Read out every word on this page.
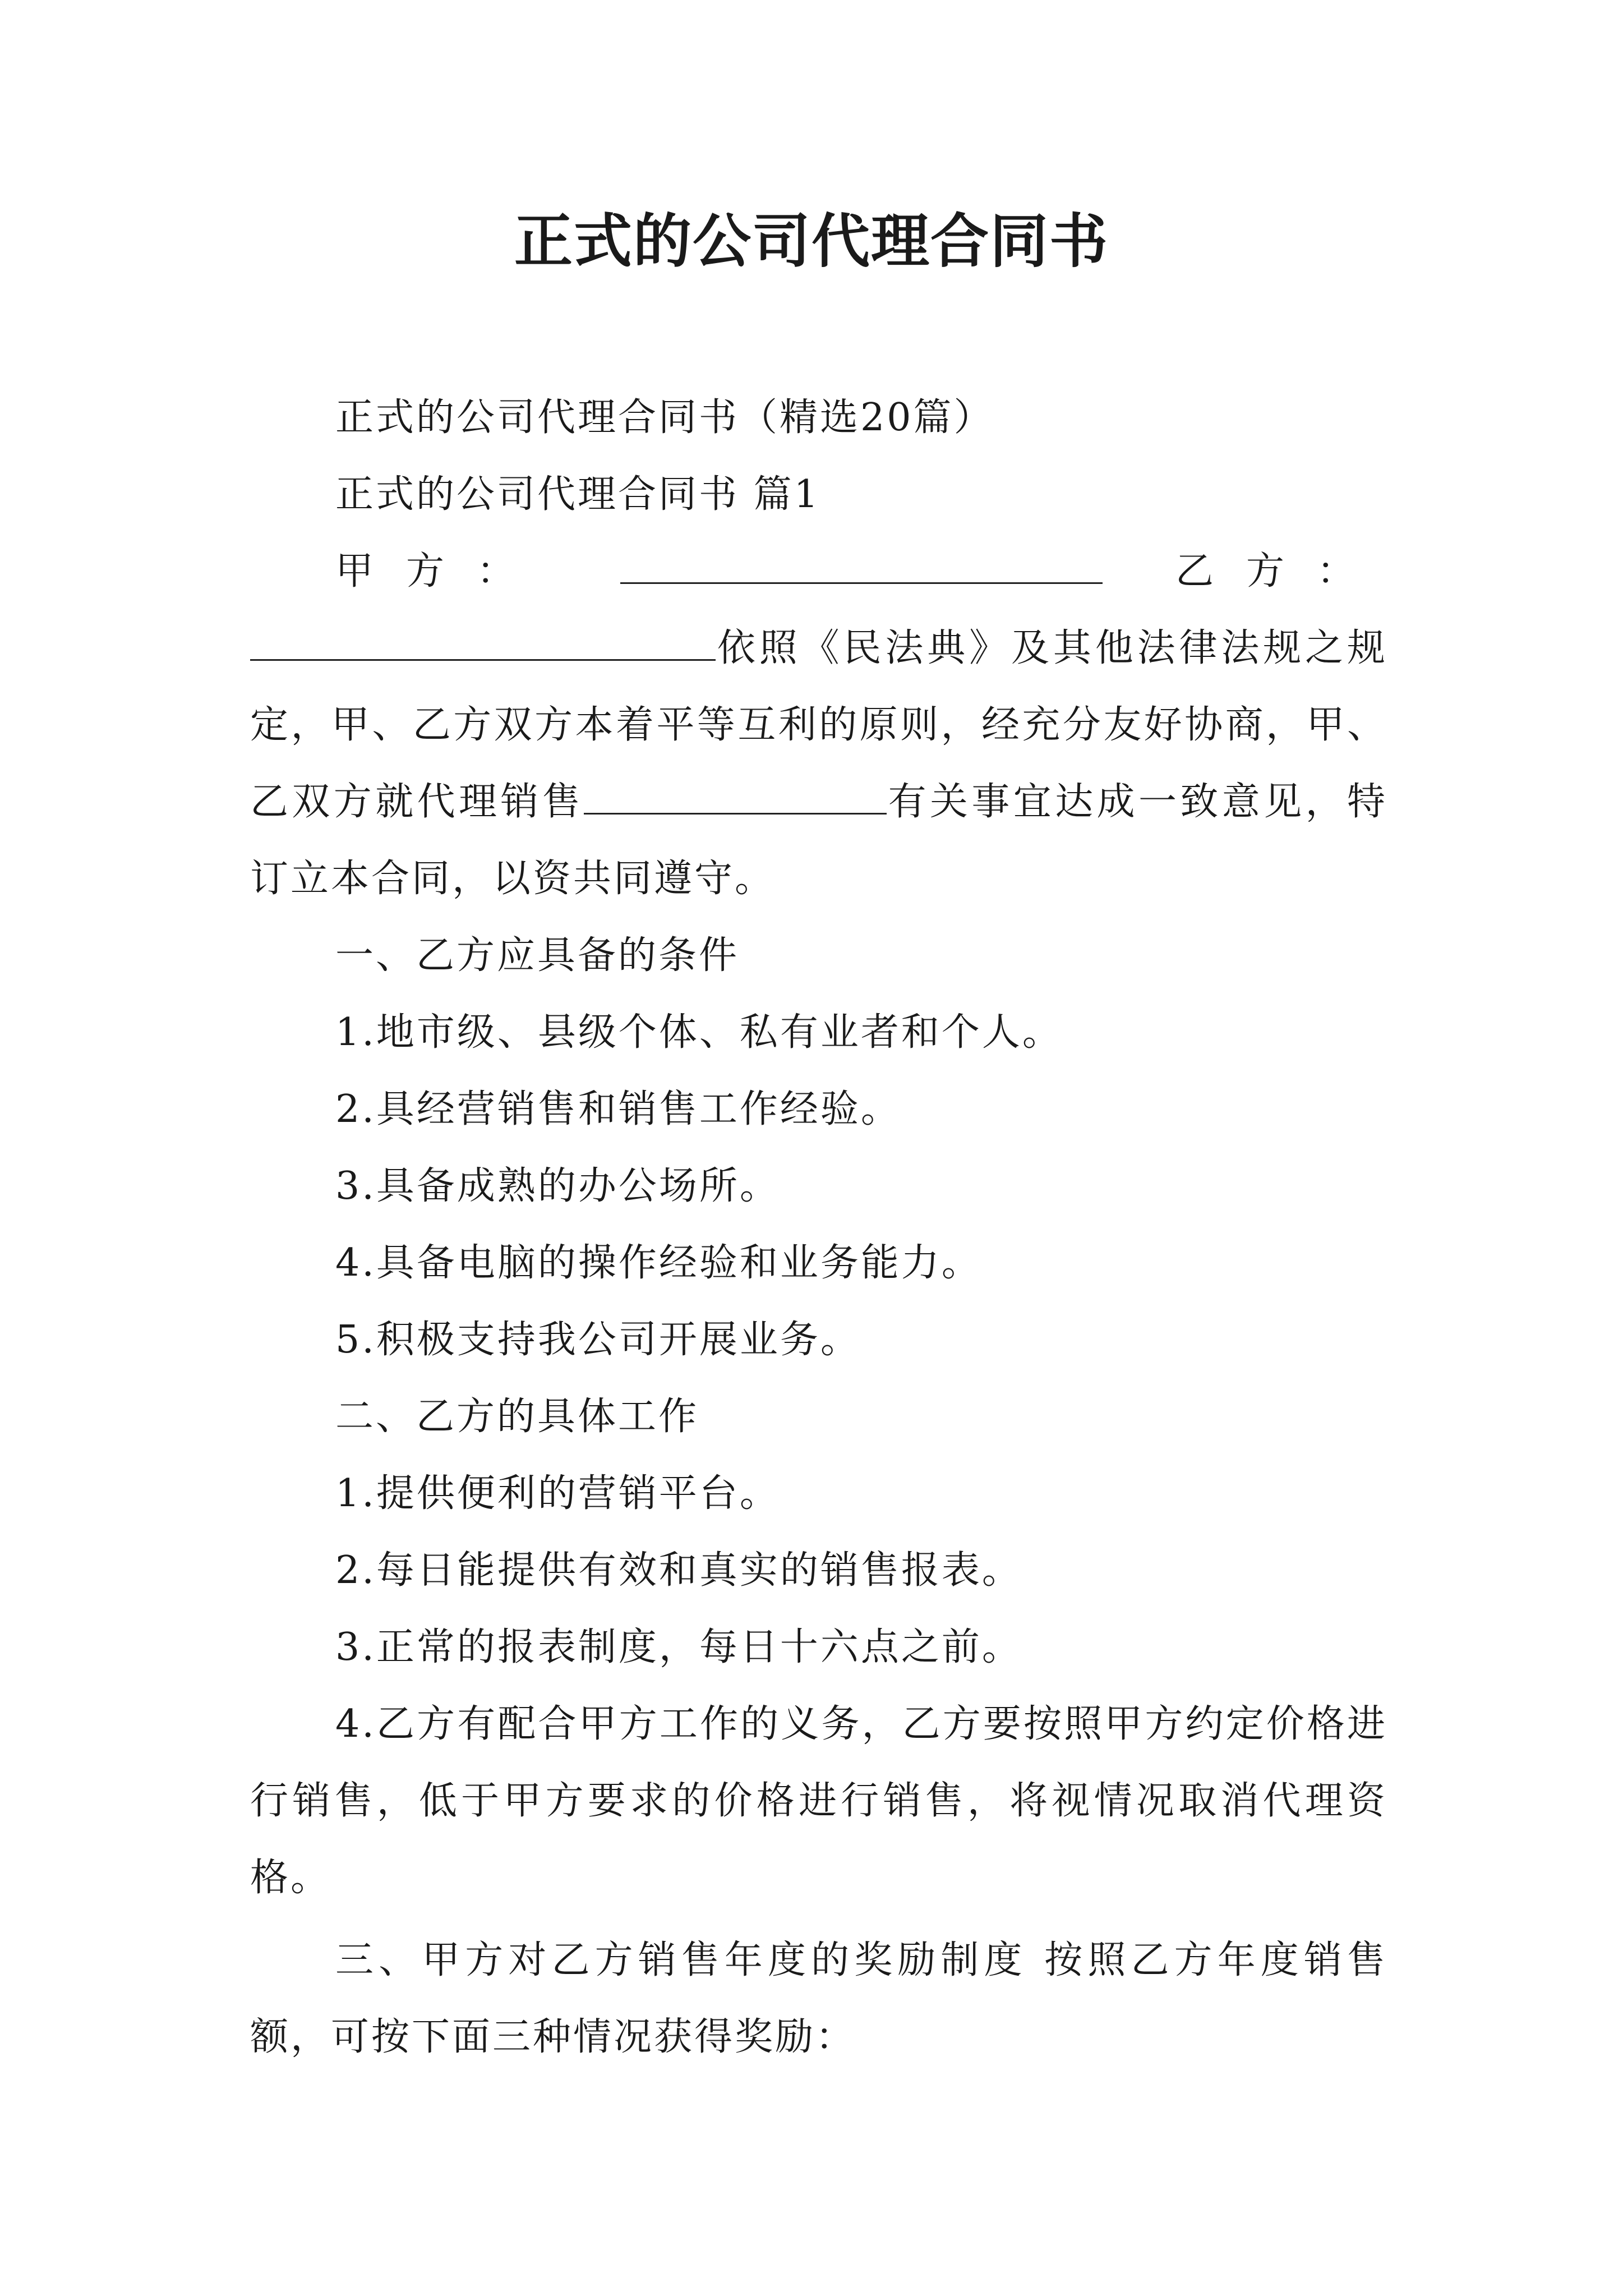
正式的公司代理合同书

正式的公司代理合同书（精选20篇）

正式的公司代理合同书 篇1

甲方：	乙方：

依照《民法典》及其他法律法规之规定，甲、乙方双方本着平等互利的原则，经充分友好协商，甲、乙双方就代理销售	有关事宜达成一致意见，特订立本合同，以资共同遵守。

一、乙方应具备的条件

1.地市级、县级个体、私有业者和个人。

2.具经营销售和销售工作经验。

3.具备成熟的办公场所。

4.具备电脑的操作经验和业务能力。

5.积极支持我公司开展业务。

二、乙方的具体工作

1.提供便利的营销平台。

2.每日能提供有效和真实的销售报表。

3.正常的报表制度，每日十六点之前。

4.乙方有配合甲方工作的义务，乙方要按照甲方约定价格进行销售，低于甲方要求的价格进行销售，将视情况取消代理资格。

三、甲方对乙方销售年度的奖励制度 按照乙方年度销售额，可按下面三种情况获得奖励：
